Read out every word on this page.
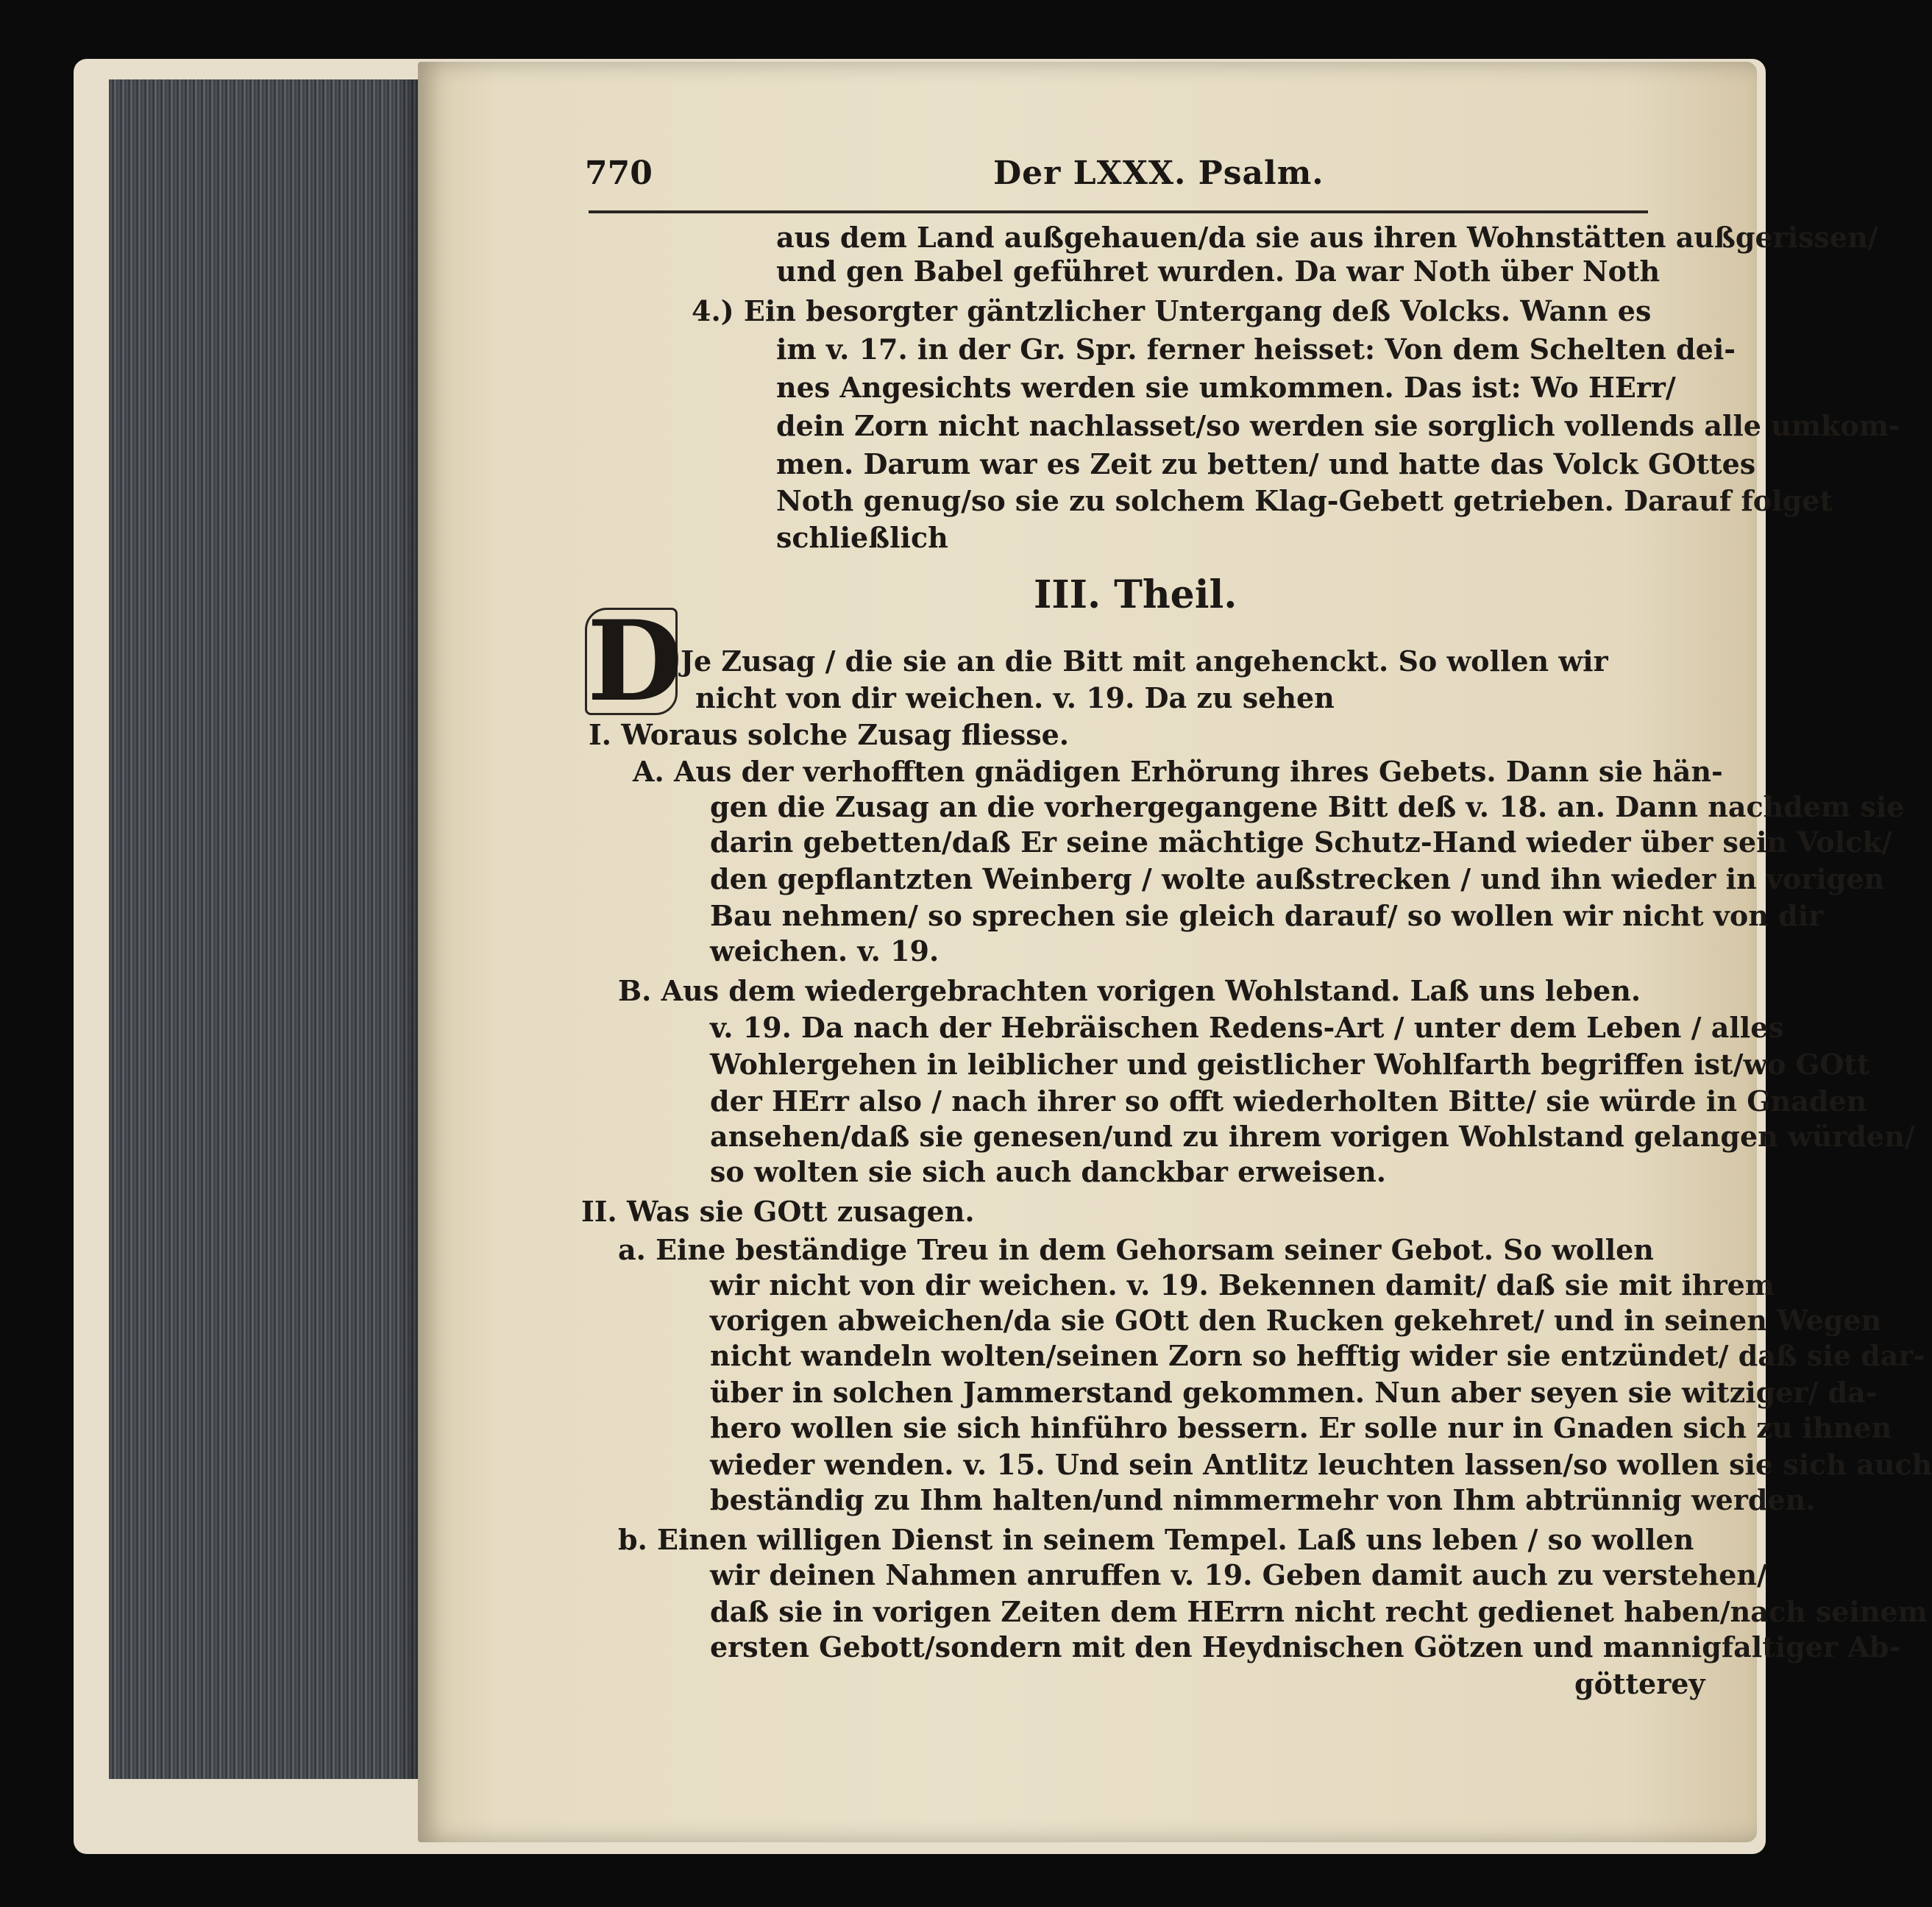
770	Der LXXX. Psalm.
D
aus dem Land außgehauen/da sie aus ihren Wohnstätten außgerissen/
und gen Babel geführet wurden. Da war Noth über Noth
4.) Ein besorgter gäntzlicher Untergang deß Volcks. Wann es
im v. 17. in der Gr. Spr. ferner heisset: Von dem Schelten dei-
nes Angesichts werden sie umkommen. Das ist: Wo HErr/
dein Zorn nicht nachlasset/so werden sie sorglich vollends alle umkom-
men. Darum war es Zeit zu betten/ und hatte das Volck GOttes
Noth genug/so sie zu solchem Klag-Gebett getrieben. Darauf folget
schließlich
III. Theil.
Je Zusag / die sie an die Bitt mit angehenckt. So wollen wir
nicht von dir weichen. v. 19. Da zu sehen
I. Woraus solche Zusag fliesse.
A. Aus der verhofften gnädigen Erhörung ihres Gebets. Dann sie hän-
gen die Zusag an die vorhergegangene Bitt deß v. 18. an. Dann nachdem sie
darin gebetten/daß Er seine mächtige Schutz-Hand wieder über sein Volck/
den gepflantzten Weinberg / wolte außstrecken / und ihn wieder in vorigen
Bau nehmen/ so sprechen sie gleich darauf/ so wollen wir nicht von dir
weichen. v. 19.
B. Aus dem wiedergebrachten vorigen Wohlstand. Laß uns leben.
v. 19. Da nach der Hebräischen Redens-Art / unter dem Leben / alles
Wohlergehen in leiblicher und geistlicher Wohlfarth begriffen ist/wo GOtt
der HErr also / nach ihrer so offt wiederholten Bitte/ sie würde in Gnaden
ansehen/daß sie genesen/und zu ihrem vorigen Wohlstand gelangen würden/
so wolten sie sich auch danckbar erweisen.
II. Was sie GOtt zusagen.
a. Eine beständige Treu in dem Gehorsam seiner Gebot. So wollen
wir nicht von dir weichen. v. 19. Bekennen damit/ daß sie mit ihrem
vorigen abweichen/da sie GOtt den Rucken gekehret/ und in seinen Wegen
nicht wandeln wolten/seinen Zorn so hefftig wider sie entzündet/ daß sie dar-
über in solchen Jammerstand gekommen. Nun aber seyen sie witziger/ da-
hero wollen sie sich hinführo bessern. Er solle nur in Gnaden sich zu ihnen
wieder wenden. v. 15. Und sein Antlitz leuchten lassen/so wollen sie sich auch
beständig zu Ihm halten/und nimmermehr von Ihm abtrünnig werden.
b. Einen willigen Dienst in seinem Tempel. Laß uns leben / so wollen
wir deinen Nahmen anruffen v. 19. Geben damit auch zu verstehen/
daß sie in vorigen Zeiten dem HErrn nicht recht gedienet haben/nach seinem
ersten Gebott/sondern mit den Heydnischen Götzen und mannigfaltiger Ab-
götterey
